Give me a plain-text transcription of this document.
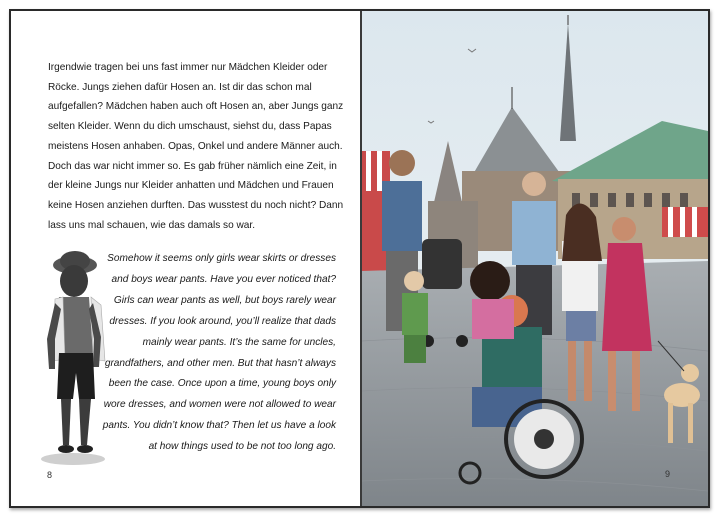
Irgendwie tragen bei uns fast immer nur Mädchen Kleider oder Röcke. Jungs ziehen dafür Hosen an. Ist dir das schon mal aufgefallen? Mädchen haben auch oft Hosen an, aber Jungs ganz selten Kleider. Wenn du dich umschaust, siehst du, dass Papas meistens Hosen anhaben. Opas, Onkel und andere Männer auch. Doch das war nicht immer so. Es gab früher nämlich eine Zeit, in der kleine Jungs nur Kleider anhatten und Mädchen und Frauen keine Hosen anziehen durften. Das wusstest du noch nicht? Dann lass uns mal schauen, wie das damals so war.

Somehow it seems only girls wear skirts or dresses and boys wear pants. Have you ever noticed that? Girls can wear pants as well, but boys rarely wear dresses. If you look around, you’ll realize that dads mainly wear pants. It’s the same for uncles, grandfathers, and other men. But that hasn’t always been the case. Once upon a time, young boys only wore dresses, and women were not allowed to wear pants. You didn’t know that? Then let us have a look at how things used to be not too long ago.

8	9
